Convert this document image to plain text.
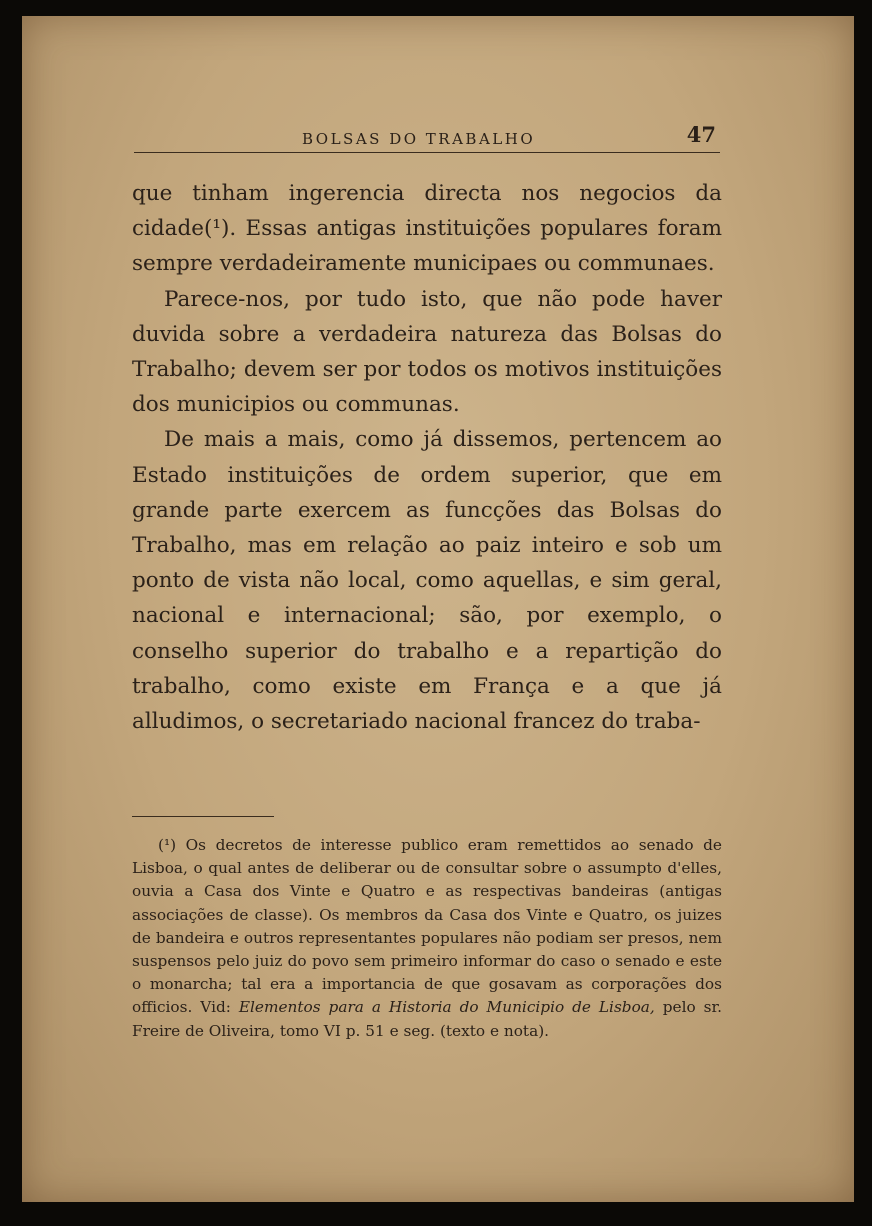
BOLSAS DO TRABALHO	47

que tinham ingerencia directa nos negocios da cidade(¹). Essas antigas instituições populares foram sempre verdadeiramente municipaes ou communaes.

Parece-nos, por tudo isto, que não pode haver duvida sobre a verdadeira natureza das Bolsas do Trabalho; devem ser por todos os motivos instituições dos municipios ou communas.

De mais a mais, como já dissemos, pertencem ao Estado instituições de ordem superior, que em grande parte exercem as funcções das Bolsas do Trabalho, mas em relação ao paiz inteiro e sob um ponto de vista não local, como aquellas, e sim geral, nacional e internacional; são, por exemplo, o conselho superior do trabalho e a repartição do trabalho, como existe em França e a que já alludimos, o secretariado nacional francez do traba-

(¹) Os decretos de interesse publico eram remettidos ao senado de Lisboa, o qual antes de deliberar ou de consultar sobre o assumpto d'elles, ouvia a Casa dos Vinte e Quatro e as respectivas bandeiras (antigas associações de classe). Os membros da Casa dos Vinte e Quatro, os juizes de bandeira e outros representantes populares não podiam ser presos, nem suspensos pelo juiz do povo sem primeiro informar do caso o senado e este o monarcha; tal era a importancia de que gosavam as corporações dos officios. Vid: Elementos para a Historia do Municipio de Lisboa, pelo sr. Freire de Oliveira, tomo VI p. 51 e seg. (texto e nota).
